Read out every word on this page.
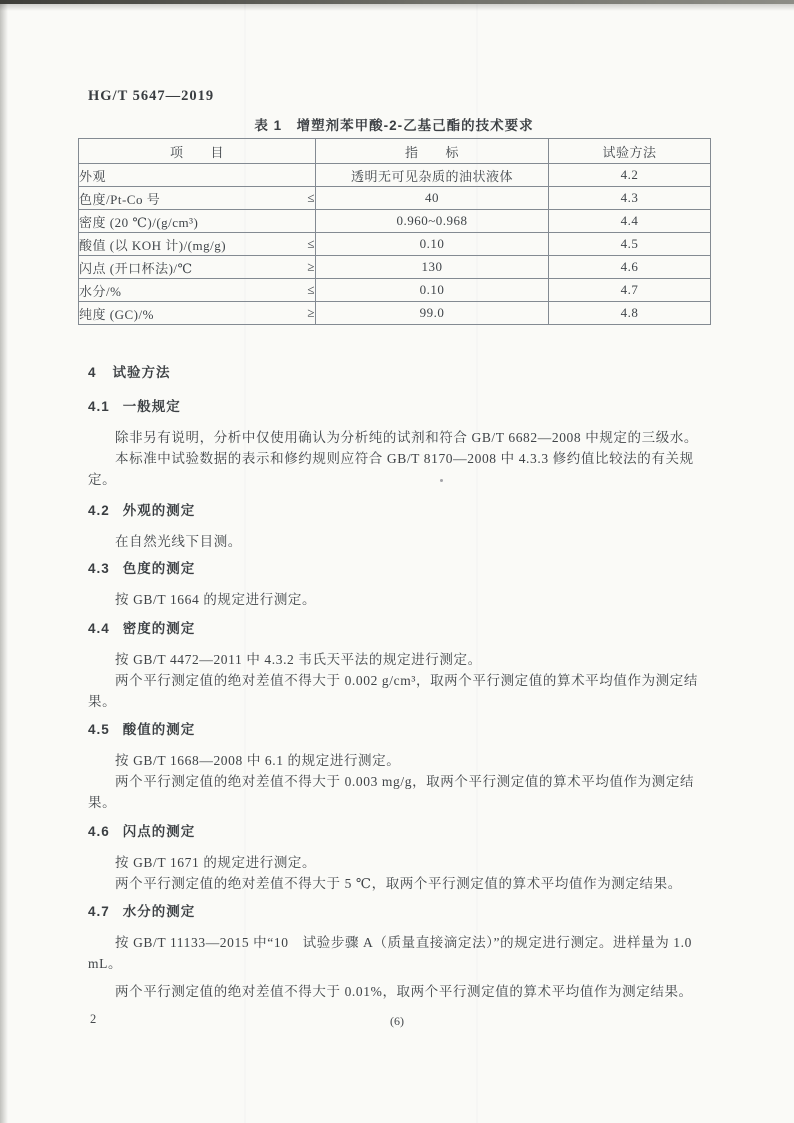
HG/T 5647—2019
表 1　增塑剂苯甲酸-2-乙基己酯的技术要求
项　　目	指　　标	试验方法

外观	透明无可见杂质的油状液体	4.2

色度/Pt-Co 号 ≤	40	4.3

密度 (20 ℃)/(g/cm³)	0.960~0.968	4.4

酸值 (以 KOH 计)/(mg/g) ≤	0.10	4.5

闪点 (开口杯法)/℃ ≥	130	4.6

水分/% ≤	0.10	4.7

纯度 (GC)/% ≥	99.0	4.8
4 试验方法
4.1 一般规定

除非另有说明，分析中仅使用确认为分析纯的试剂和符合 GB/T 6682—2008 中规定的三级水。

本标准中试验数据的表示和修约规则应符合 GB/T 8170—2008 中 4.3.3 修约值比较法的有关规定。

4.2 外观的测定

在自然光线下目测。

4.3 色度的测定

按 GB/T 1664 的规定进行测定。

4.4 密度的测定

按 GB/T 4472—2011 中 4.3.2 韦氏天平法的规定进行测定。

两个平行测定值的绝对差值不得大于 0.002 g/cm³，取两个平行测定值的算术平均值作为测定结果。

4.5 酸值的测定

按 GB/T 1668—2008 中 6.1 的规定进行测定。

两个平行测定值的绝对差值不得大于 0.003 mg/g，取两个平行测定值的算术平均值作为测定结果。

4.6 闪点的测定

按 GB/T 1671 的规定进行测定。

两个平行测定值的绝对差值不得大于 5 ℃，取两个平行测定值的算术平均值作为测定结果。

4.7 水分的测定

按 GB/T 11133—2015 中“10　试验步骤 A（质量直接滴定法）”的规定进行测定。进样量为 1.0 mL。

两个平行测定值的绝对差值不得大于 0.01%，取两个平行测定值的算术平均值作为测定结果。

2	(6)
